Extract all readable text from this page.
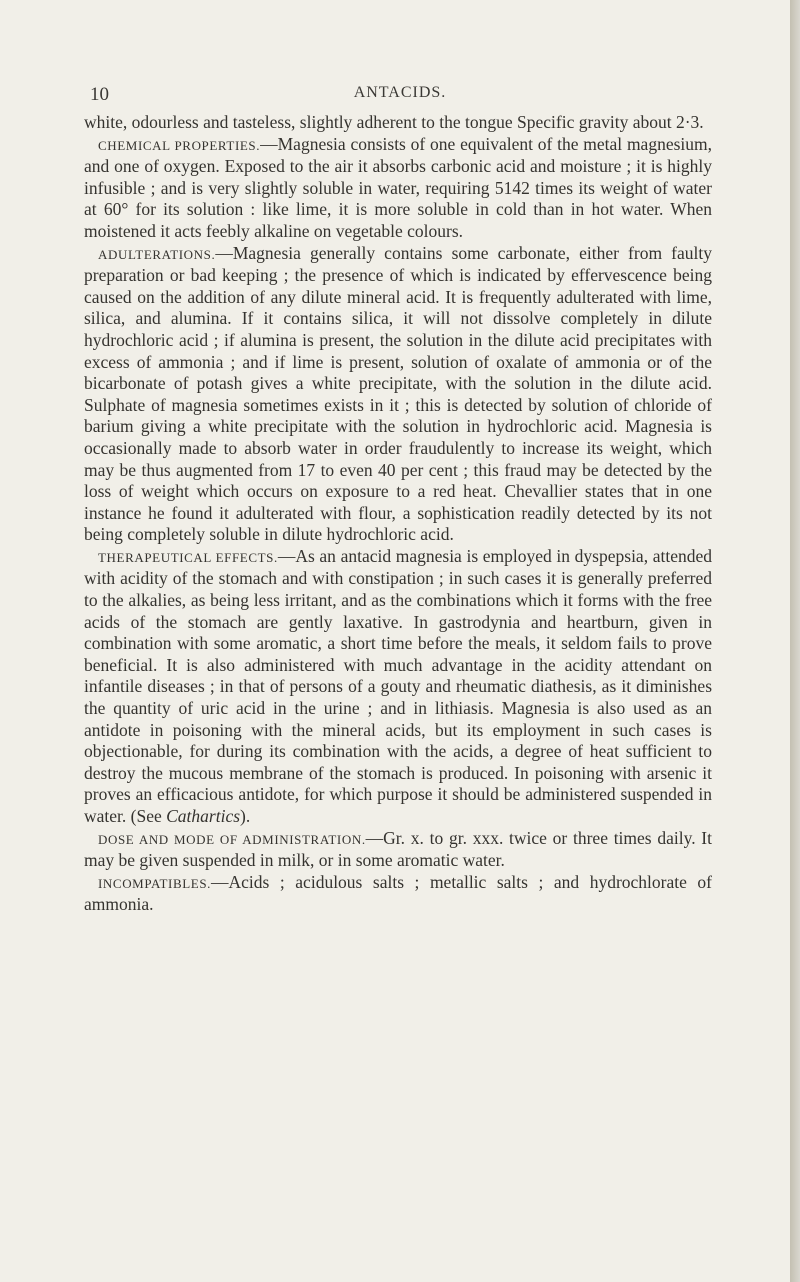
10	ANTACIDS.

white, odourless and tasteless, slightly adherent to the tongue Specific gravity about 2·3.

CHEMICAL PROPERTIES.—Magnesia consists of one equivalent of the metal magnesium, and one of oxygen. Exposed to the air it absorbs carbonic acid and moisture ; it is highly infusible ; and is very slightly soluble in water, requiring 5142 times its weight of water at 60° for its solution : like lime, it is more soluble in cold than in hot water. When moistened it acts feebly alkaline on vegetable colours.

ADULTERATIONS.—Magnesia generally contains some carbonate, either from faulty preparation or bad keeping ; the presence of which is indicated by effervescence being caused on the addition of any dilute mineral acid. It is frequently adulterated with lime, silica, and alumina. If it contains silica, it will not dissolve completely in dilute hydrochloric acid ; if alumina is present, the solution in the dilute acid precipitates with excess of ammonia ; and if lime is present, solution of oxalate of ammonia or of the bicarbonate of potash gives a white precipitate, with the solution in the dilute acid. Sulphate of magnesia sometimes exists in it ; this is detected by solution of chloride of barium giving a white precipitate with the solution in hydrochloric acid. Magnesia is occasionally made to absorb water in order fraudulently to increase its weight, which may be thus augmented from 17 to even 40 per cent ; this fraud may be detected by the loss of weight which occurs on exposure to a red heat. Chevallier states that in one instance he found it adulterated with flour, a sophistication readily detected by its not being completely soluble in dilute hydrochloric acid.

THERAPEUTICAL EFFECTS.—As an antacid magnesia is employed in dyspepsia, attended with acidity of the stomach and with constipation ; in such cases it is generally preferred to the alkalies, as being less irritant, and as the combinations which it forms with the free acids of the stomach are gently laxative. In gastrodynia and heartburn, given in combination with some aromatic, a short time before the meals, it seldom fails to prove beneficial. It is also administered with much advantage in the acidity attendant on infantile diseases ; in that of persons of a gouty and rheumatic diathesis, as it diminishes the quantity of uric acid in the urine ; and in lithiasis. Magnesia is also used as an antidote in poisoning with the mineral acids, but its employment in such cases is objectionable, for during its combination with the acids, a degree of heat sufficient to destroy the mucous membrane of the stomach is produced. In poisoning with arsenic it proves an efficacious antidote, for which purpose it should be administered suspended in water. (See Cathartics).

DOSE AND MODE OF ADMINISTRATION.—Gr. x. to gr. xxx. twice or three times daily. It may be given suspended in milk, or in some aromatic water.

INCOMPATIBLES.—Acids ; acidulous salts ; metallic salts ; and hydrochlorate of ammonia.
